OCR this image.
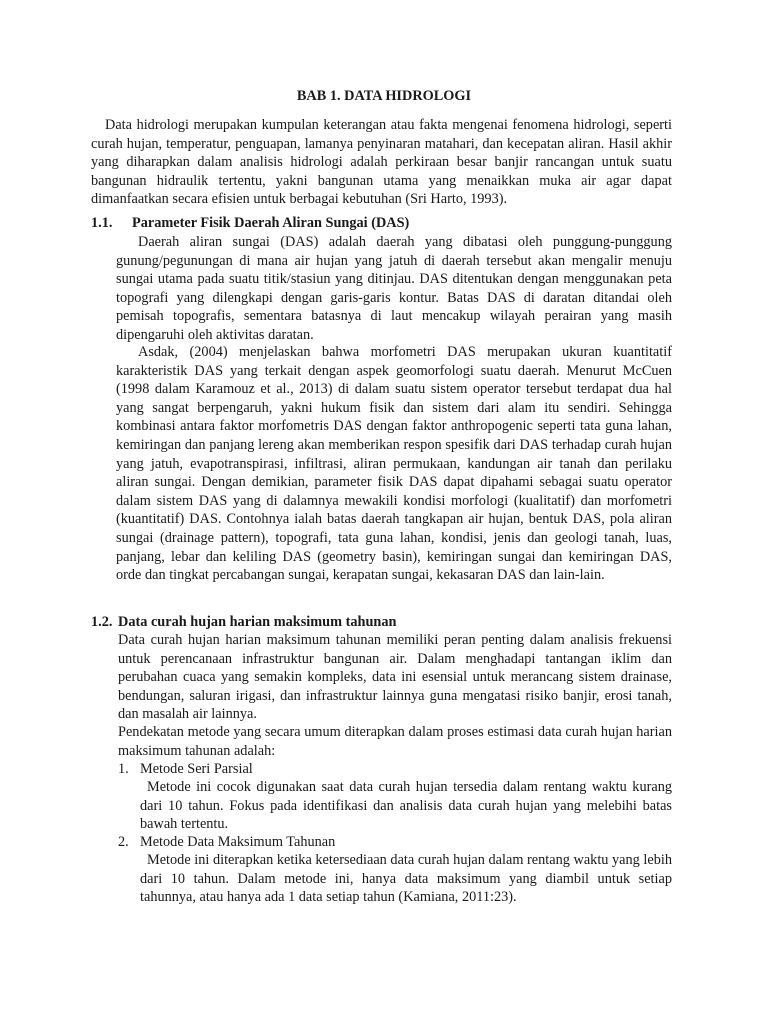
BAB 1. DATA HIDROLOGI

Data hidrologi merupakan kumpulan keterangan atau fakta mengenai fenomena hidrologi, seperti curah hujan, temperatur, penguapan, lamanya penyinaran matahari, dan kecepatan aliran. Hasil akhir yang diharapkan dalam analisis hidrologi adalah perkiraan besar banjir rancangan untuk suatu bangunan hidraulik tertentu, yakni bangunan utama yang menaikkan muka air agar dapat dimanfaatkan secara efisien untuk berbagai kebutuhan (Sri Harto, 1993).

1.1. Parameter Fisik Daerah Aliran Sungai (DAS)

Daerah aliran sungai (DAS) adalah daerah yang dibatasi oleh punggung-punggung gunung/pegunungan di mana air hujan yang jatuh di daerah tersebut akan mengalir menuju sungai utama pada suatu titik/stasiun yang ditinjau. DAS ditentukan dengan menggunakan peta topografi yang dilengkapi dengan garis-garis kontur. Batas DAS di daratan ditandai oleh pemisah topografis, sementara batasnya di laut mencakup wilayah perairan yang masih dipengaruhi oleh aktivitas daratan.

Asdak, (2004) menjelaskan bahwa morfometri DAS merupakan ukuran kuantitatif karakteristik DAS yang terkait dengan aspek geomorfologi suatu daerah. Menurut McCuen (1998 dalam Karamouz et al., 2013) di dalam suatu sistem operator tersebut terdapat dua hal yang sangat berpengaruh, yakni hukum fisik dan sistem dari alam itu sendiri. Sehingga kombinasi antara faktor morfometris DAS dengan faktor anthropogenic seperti tata guna lahan, kemiringan dan panjang lereng akan memberikan respon spesifik dari DAS terhadap curah hujan yang jatuh, evapotranspirasi, infiltrasi, aliran permukaan, kandungan air tanah dan perilaku aliran sungai. Dengan demikian, parameter fisik DAS dapat dipahami sebagai suatu operator dalam sistem DAS yang di dalamnya mewakili kondisi morfologi (kualitatif) dan morfometri (kuantitatif) DAS. Contohnya ialah batas daerah tangkapan air hujan, bentuk DAS, pola aliran sungai (drainage pattern), topografi, tata guna lahan, kondisi, jenis dan geologi tanah, luas, panjang, lebar dan keliling DAS (geometry basin), kemiringan sungai dan kemiringan DAS, orde dan tingkat percabangan sungai, kerapatan sungai, kekasaran DAS dan lain-lain.

1.2. Data curah hujan harian maksimum tahunan

Data curah hujan harian maksimum tahunan memiliki peran penting dalam analisis frekuensi untuk perencanaan infrastruktur bangunan air. Dalam menghadapi tantangan iklim dan perubahan cuaca yang semakin kompleks, data ini esensial untuk merancang sistem drainase, bendungan, saluran irigasi, dan infrastruktur lainnya guna mengatasi risiko banjir, erosi tanah, dan masalah air lainnya.

Pendekatan metode yang secara umum diterapkan dalam proses estimasi data curah hujan harian maksimum tahunan adalah:

1. Metode Seri Parsial

Metode ini cocok digunakan saat data curah hujan tersedia dalam rentang waktu kurang dari 10 tahun. Fokus pada identifikasi dan analisis data curah hujan yang melebihi batas bawah tertentu.

2. Metode Data Maksimum Tahunan

Metode ini diterapkan ketika ketersediaan data curah hujan dalam rentang waktu yang lebih dari 10 tahun. Dalam metode ini, hanya data maksimum yang diambil untuk setiap tahunnya, atau hanya ada 1 data setiap tahun (Kamiana, 2011:23).
